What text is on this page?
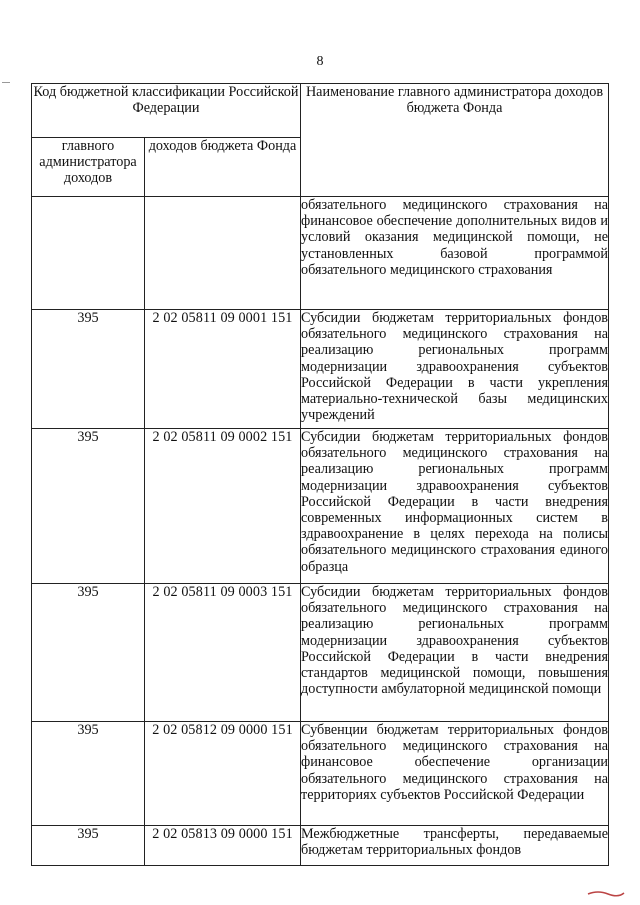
8
Код бюджетной классификации Российской Федерации		Наименование главного администратора доходов бюджета Фонда
главного администратора доходов	доходов бюджета Фонда	
		обязательного медицинского страхования на финансовое обеспечение дополнительных видов и условий оказания медицинской помощи, не установленных базовой программой обязательного медицинского страхования
395	2 02 05811 09 0001 151	Субсидии бюджетам территориальных фондов обязательного медицинского страхования на реализацию региональных программ модернизации здравоохранения субъектов Российской Федерации в части укрепления материально-технической базы медицинских учреждений
395	2 02 05811 09 0002 151	Субсидии бюджетам территориальных фондов обязательного медицинского страхования на реализацию региональных программ модернизации здравоохранения субъектов Российской Федерации в части внедрения современных информационных систем в здравоохранение в целях перехода на полисы обязательного медицинского страхования единого образца
395	2 02 05811 09 0003 151	Субсидии бюджетам территориальных фондов обязательного медицинского страхования на реализацию региональных программ модернизации здравоохранения субъектов Российской Федерации в части внедрения стандартов медицинской помощи, повышения доступности амбулаторной медицинской помощи
395	2 02 05812 09 0000 151	Субвенции бюджетам территориальных фондов обязательного медицинского страхования на финансовое обеспечение организации обязательного медицинского страхования на территориях субъектов Российской Федерации
395	2 02 05813 09 0000 151	Межбюджетные трансферты, передаваемые бюджетам территориальных фондов
